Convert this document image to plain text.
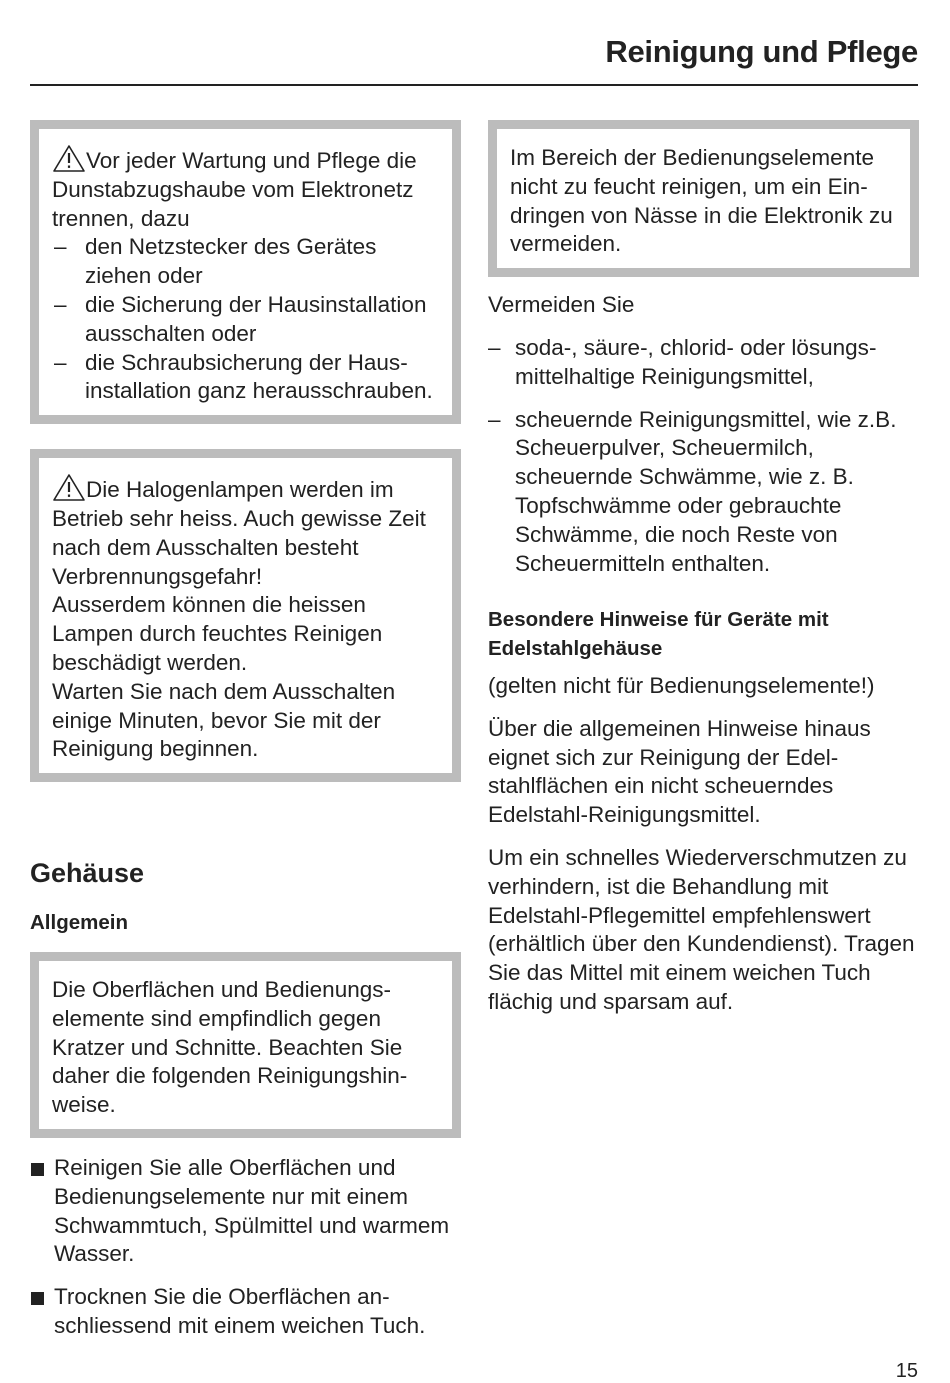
Reinigung und Pflege

Vor jeder Wartung und Pflege die Dunstabzugshaube vom Elektronetz trennen, dazu

– den Netzstecker des Gerätes ziehen oder
– die Sicherung der Hausinstallation ausschalten oder
– die Schraubsicherung der Hausinstallation ganz herausschrauben.

Die Halogenlampen werden im Betrieb sehr heiss. Auch gewisse Zeit nach dem Ausschalten besteht Verbrennungsgefahr!

Ausserdem können die heissen Lampen durch feuchtes Reinigen beschädigt werden.

Warten Sie nach dem Ausschalten einige Minuten, bevor Sie mit der Reinigung beginnen.

Gehäuse
Allgemein

Die Oberflächen und Bedienungselemente sind empfindlich gegen Kratzer und Schnitte. Beachten Sie daher die folgenden Reinigungshinweise.

Reinigen Sie alle Oberflächen und Bedienungselemente nur mit einem Schwammtuch, Spülmittel und warmem Wasser.
Trocknen Sie die Oberflächen anschliessend mit einem weichen Tuch.

Im Bereich der Bedienungselemente nicht zu feucht reinigen, um ein Eindringen von Nässe in die Elektronik zu vermeiden.

Vermeiden Sie
– soda-, säure-, chlorid- oder lösungsmittelhaltige Reinigungsmittel,
– scheuernde Reinigungsmittel, wie z.B. Scheuerpulver, Scheuermilch, scheuernde Schwämme, wie z. B. Topfschwämme oder gebrauchte Schwämme, die noch Reste von Scheuermitteln enthalten.
Besondere Hinweise für Geräte mit Edelstahlgehäuse
(gelten nicht für Bedienungselemente!)
Über die allgemeinen Hinweise hinaus eignet sich zur Reinigung der Edelstahlflächen ein nicht scheuerndes Edelstahl-Reinigungsmittel.
Um ein schnelles Wiederverschmutzen zu verhindern, ist die Behandlung mit Edelstahl-Pflegemittel empfehlenswert (erhältlich über den Kundendienst). Tragen Sie das Mittel mit einem weichen Tuch flächig und sparsam auf.
15
